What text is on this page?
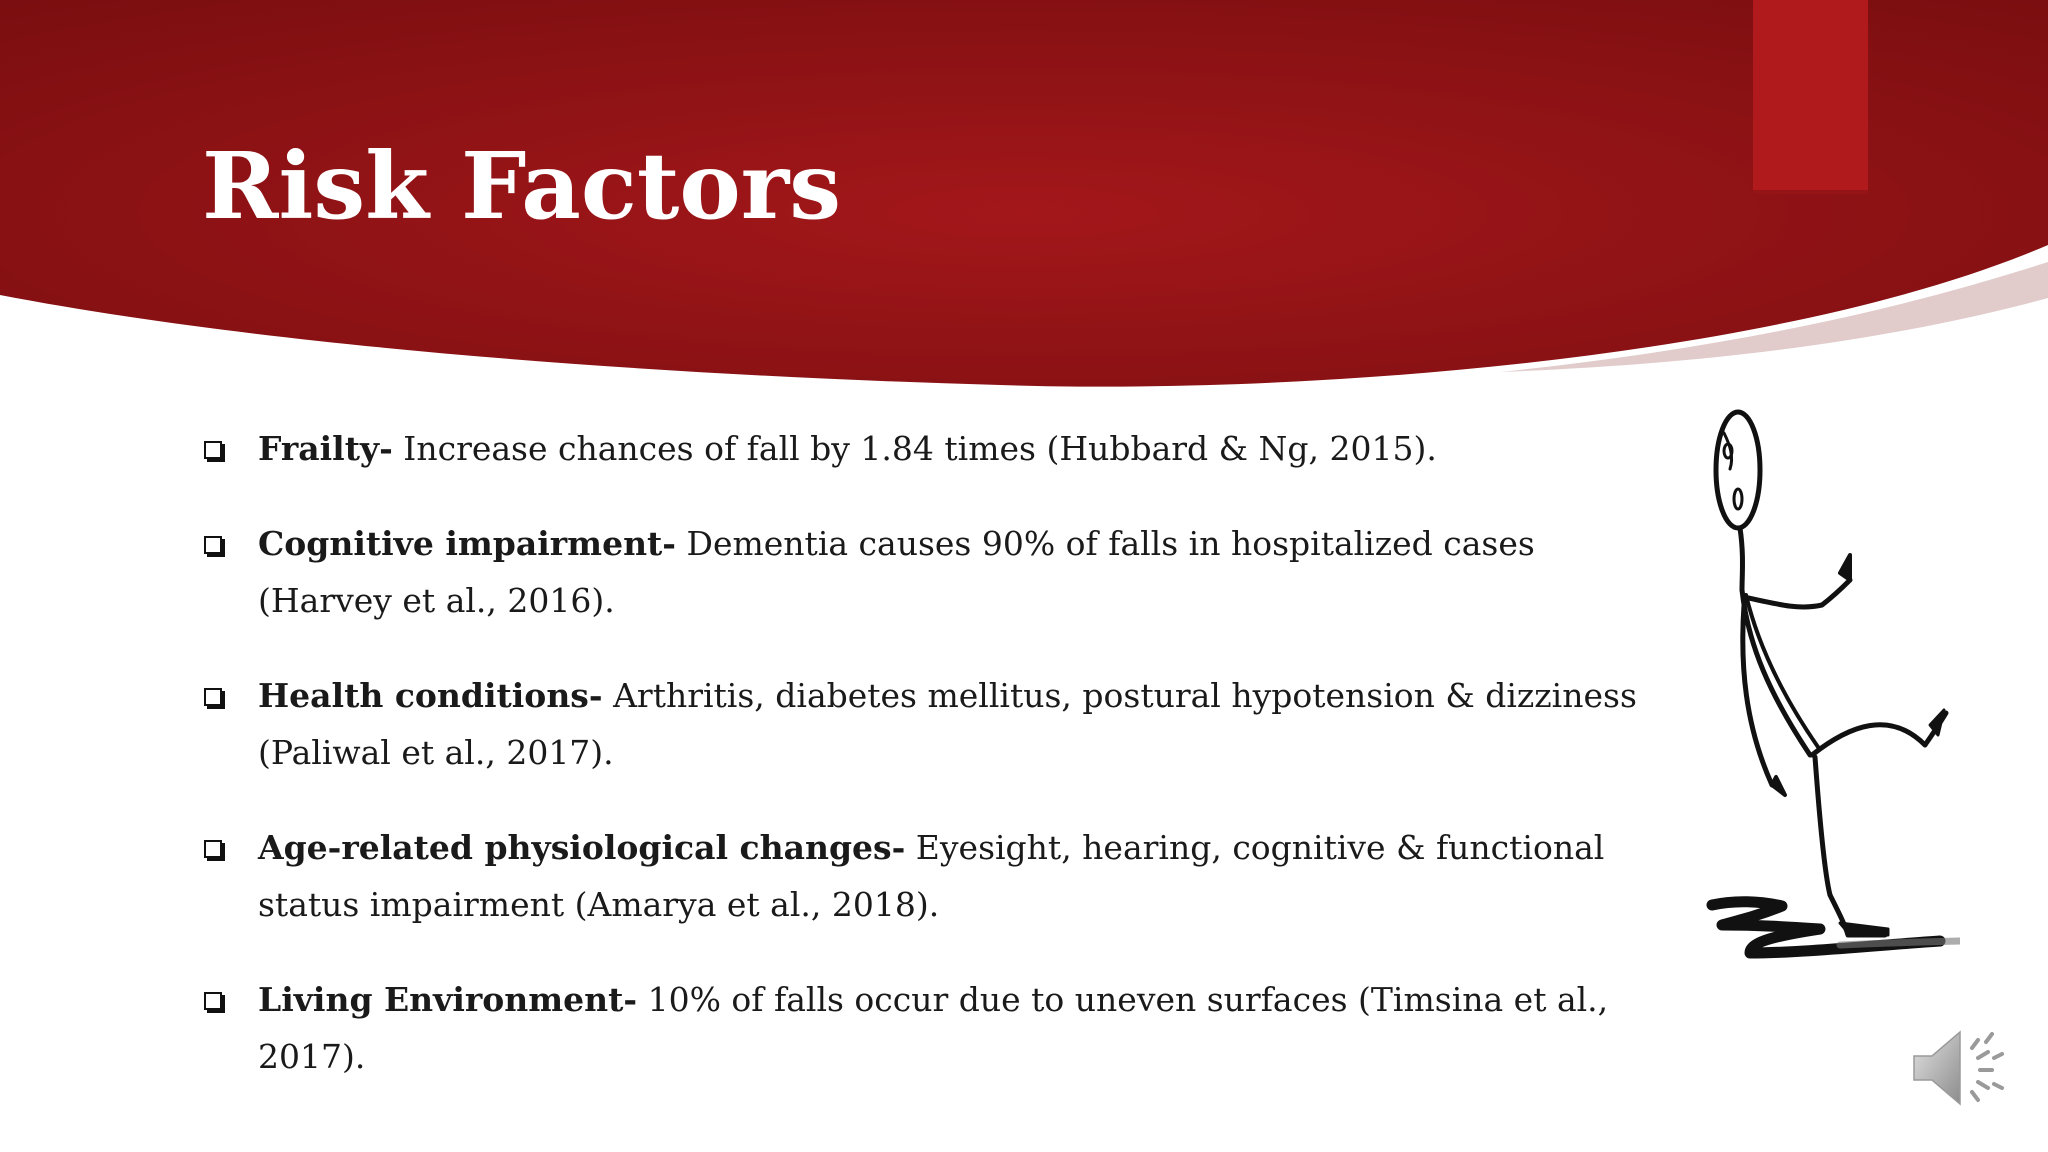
Risk Factors
Frailty- Increase chances of fall by 1.84 times (Hubbard & Ng, 2015).
Cognitive impairment- Dementia causes 90% of falls in hospitalized cases (Harvey et al., 2016).
Health conditions- Arthritis, diabetes mellitus, postural hypotension & dizziness (Paliwal et al., 2017).
Age-related physiological changes- Eyesight, hearing, cognitive & functional status impairment (Amarya et al., 2018).
Living Environment- 10% of falls occur due to uneven surfaces (Timsina et al., 2017).
